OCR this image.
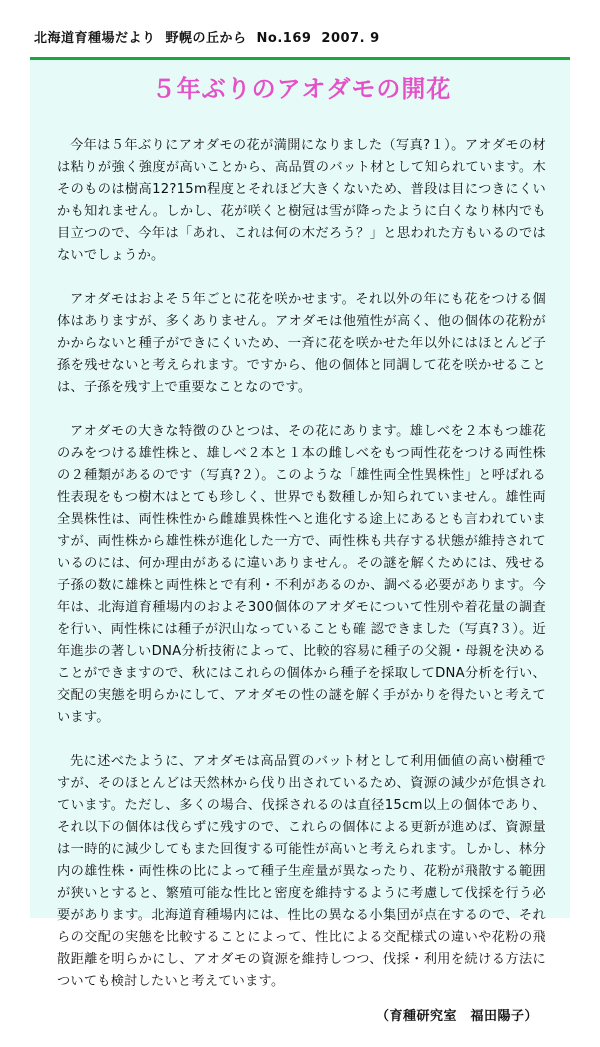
北海道育種場だより 野幌の丘から No.169 2007. 9
５年ぶりのアオダモの開花

今年は５年ぶりにアオダモの花が満開になりました（写真?１）。アオダモの材は粘りが強く強度が高いことから、高品質のバット材として知られています。木そのものは樹高12?15m程度とそれほど大きくないため、普段は目につきにくいかも知れません。しかし、花が咲くと樹冠は雪が降ったように白くなり林内でも目立つので、今年は「あれ、これは何の木だろう？」と思われた方もいるのではないでしょうか。

アオダモはおよそ５年ごとに花を咲かせます。それ以外の年にも花をつける個体はありますが、多くありません。アオダモは他殖性が高く、他の個体の花粉がかからないと種子ができにくいため、一斉に花を咲かせた年以外にはほとんど子孫を残せないと考えられます。ですから、他の個体と同調して花を咲かせることは、子孫を残す上で重要なことなのです。

アオダモの大きな特徴のひとつは、その花にあります。雄しべを２本もつ雄花のみをつける雄性株と、雄しべ２本と１本の雌しべをもつ両性花をつける両性株の２種類があるのです（写真?２）。このような「雄性両全性異株性」と呼ばれる性表現をもつ樹木はとても珍しく、世界でも数種しか知られていません。雄性両全異株性は、両性株性から雌雄異株性へと進化する途上にあるとも言われていますが、両性株から雄性株が進化した一方で、両性株も共存する状態が維持されているのには、何か理由があるに違いありません。その謎を解くためには、残せる子孫の数に雄株と両性株とで有利・不利があるのか、調べる必要があります。今年は、北海道育種場内のおよそ300個体のアオダモについて性別や着花量の調査を行い、両性株には種子が沢山なっていることも確 認できました（写真?３）。近年進歩の著しいDNA分析技術によって、比較的容易に種子の父親・母親を決めることができますので、秋にはこれらの個体から種子を採取してDNA分析を行い、交配の実態を明らかにして、アオダモの性の謎を解く手がかりを得たいと考えています。

先に述べたように、アオダモは高品質のバット材として利用価値の高い樹種ですが、そのほとんどは天然林から伐り出されているため、資源の減少が危惧されています。ただし、多くの場合、伐採されるのは直径15cm以上の個体であり、それ以下の個体は伐らずに残すので、これらの個体による更新が進めば、資源量は一時的に減少してもまた回復する可能性が高いと考えられます。しかし、林分内の雄性株・両性株の比によって種子生産量が異なったり、花粉が飛散する範囲が狭いとすると、繁殖可能な性比と密度を維持するように考慮して伐採を行う必要があります。北海道育種場内には、性比の異なる小集団が点在するので、それらの交配の実態を比較することによって、性比による交配様式の違いや花粉の飛散距離を明らかにし、アオダモの資源を維持しつつ、伐採・利用を続ける方法についても検討したいと考えています。

（育種研究室　福田陽子）
